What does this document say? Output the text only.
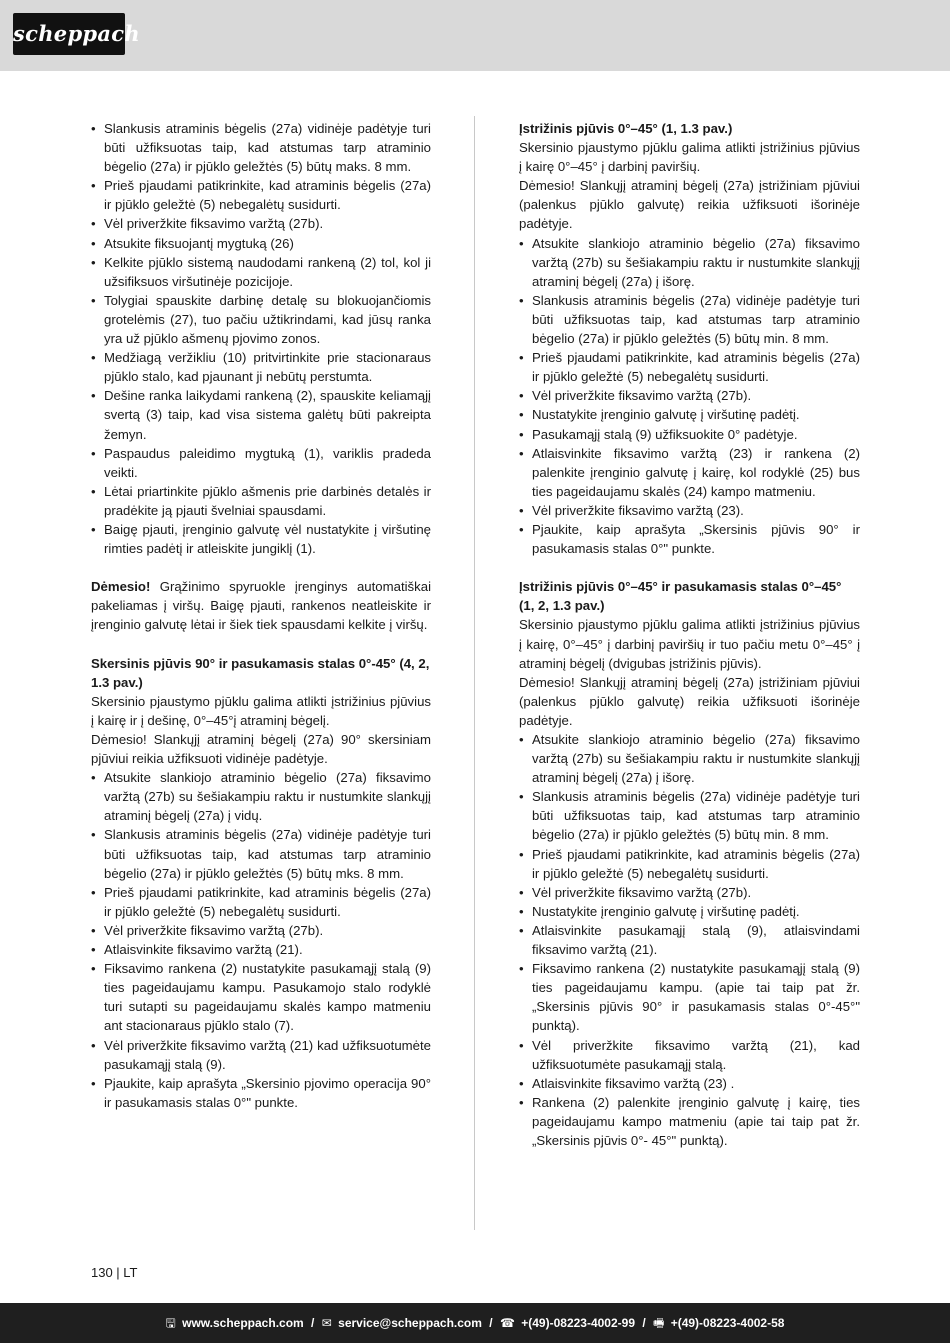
scheppach
• Slankusis atraminis bėgelis (27a) vidinėje padėtyje turi būti užfiksuotas taip, kad atstumas tarp atraminio bėgelio (27a) ir pjūklo geležtės (5) būtų maks. 8 mm.
• Prieš pjaudami patikrinkite, kad atraminis bėgelis (27a) ir pjūklo geležtė (5) nebegalėtų susidurti.
• Vėl priveržkite fiksavimo varžtą (27b).
• Atsukite fiksuojantį mygtuką (26)
• Kelkite pjūklo sistemą naudodami rankeną (2) tol, kol ji užsifiksuos viršutinėje pozicijoje.
• Tolygiai spauskite darbinę detalę su blokuojančiomis grotelėmis (27), tuo pačiu užtikrindami, kad jūsų ranka yra už pjūklo ašmenų pjovimo zonos.
• Medžiagą veržikliu (10) pritvirtinkite prie stacionaraus pjūklo stalo, kad pjaunant ji nebūtų perstumta.
• Dešine ranka laikydami rankeną (2), spauskite keliamąjį svertą (3) taip, kad visa sistema galėtų būti pakreipta žemyn.
• Paspaudus paleidimo mygtuką (1), variklis pradeda veikti.
• Lėtai priartinkite pjūklo ašmenis prie darbinės detalės ir pradėkite ją pjauti švelniai spausdami.
• Baigę pjauti, įrenginio galvutę vėl nustatykite į viršutinę rimties padėtį ir atleiskite jungiklį (1).

Dėmesio! Grąžinimo spyruokle įrenginys automatiškai pakeliamas į viršų. Baigę pjauti, rankenos neatleiskite ir įrenginio galvutę lėtai ir šiek tiek spausdami kelkite į viršų.

Skersinis pjūvis 90° ir pasukamasis stalas 0°-45° (4, 2, 1.3 pav.)

Skersinio pjaustymo pjūklu galima atlikti įstrižinius pjūvius į kairę ir į dešinę, 0°–45°į atraminį bėgelį.

Dėmesio! Slankųjį atraminį bėgelį (27a) 90° skersiniam pjūviui reikia užfiksuoti vidinėje padėtyje.

• Atsukite slankiojo atraminio bėgelio (27a) fiksavimo varžtą (27b) su šešiakampiu raktu ir nustumkite slankųjį atraminį bėgelį (27a) į vidų.
• Slankusis atraminis bėgelis (27a) vidinėje padėtyje turi būti užfiksuotas taip, kad atstumas tarp atraminio bėgelio (27a) ir pjūklo geležtės (5) būtų mks. 8 mm.
• Prieš pjaudami patikrinkite, kad atraminis bėgelis (27a) ir pjūklo geležtė (5) nebegalėtų susidurti.
• Vėl priveržkite fiksavimo varžtą (27b).
• Atlaisvinkite fiksavimo varžtą (21).
• Fiksavimo rankena (2) nustatykite pasukamąjį stalą (9) ties pageidaujamu kampu. Pasukamojo stalo rodyklė turi sutapti su pageidaujamu skalės kampo matmeniu ant stacionaraus pjūklo stalo (7).
• Vėl priveržkite fiksavimo varžtą (21) kad užfiksuotumėte pasukamąjį stalą (9).
• Pjaukite, kaip aprašyta „Skersinio pjovimo operacija 90° ir pasukamasis stalas 0°" punkte.
Įstrižinis pjūvis 0°–45° (1, 1.3 pav.)

Skersinio pjaustymo pjūklu galima atlikti įstrižinius pjūvius į kairę 0°–45° į darbinį paviršių.

Dėmesio! Slankųjį atraminį bėgelį (27a) įstrižiniam pjūviui (palenkus pjūklo galvutę) reikia užfiksuoti išorinėje padėtyje.

• Atsukite slankiojo atraminio bėgelio (27a) fiksavimo varžtą (27b) su šešiakampiu raktu ir nustumkite slankųjį atraminį bėgelį (27a) į išorę.
• Slankusis atraminis bėgelis (27a) vidinėje padėtyje turi būti užfiksuotas taip, kad atstumas tarp atraminio bėgelio (27a) ir pjūklo geležtės (5) būtų min. 8 mm.
• Prieš pjaudami patikrinkite, kad atraminis bėgelis (27a) ir pjūklo geležtė (5) nebegalėtų susidurti.
• Vėl priveržkite fiksavimo varžtą (27b).
• Nustatykite įrenginio galvutę į viršutinę padėtį.
• Pasukamąjį stalą (9) užfiksuokite 0° padėtyje.
• Atlaisvinkite fiksavimo varžtą (23) ir rankena (2) palenkite įrenginio galvutę į kairę, kol rodyklė (25) bus ties pageidaujamu skalės (24) kampo matmeniu.
• Vėl priveržkite fiksavimo varžtą (23).
• Pjaukite, kaip aprašyta „Skersinis pjūvis 90° ir pasukamasis stalas 0°" punkte.
Įstrižinis pjūvis 0°–45° ir pasukamasis stalas 0°–45° (1, 2, 1.3 pav.)

Skersinio pjaustymo pjūklu galima atlikti įstrižinius pjūvius į kairę, 0°–45° į darbinį paviršių ir tuo pačiu metu 0°–45° į atraminį bėgelį (dvigubas įstrižinis pjūvis).

Dėmesio! Slankųjį atraminį bėgelį (27a) įstrižiniam pjūviui (palenkus pjūklo galvutę) reikia užfiksuoti išorinėje padėtyje.

• Atsukite slankiojo atraminio bėgelio (27a) fiksavimo varžtą (27b) su šešiakampiu raktu ir nustumkite slankųjį atraminį bėgelį (27a) į išorę.
• Slankusis atraminis bėgelis (27a) vidinėje padėtyje turi būti užfiksuotas taip, kad atstumas tarp atraminio bėgelio (27a) ir pjūklo geležtės (5) būtų min. 8 mm.
• Prieš pjaudami patikrinkite, kad atraminis bėgelis (27a) ir pjūklo geležtė (5) nebegalėtų susidurti.
• Vėl priveržkite fiksavimo varžtą (27b).
• Nustatykite įrenginio galvutę į viršutinę padėtį.
• Atlaisvinkite pasukamąjį stalą (9), atlaisvindami fiksavimo varžtą (21).
• Fiksavimo rankena (2) nustatykite pasukamąjį stalą (9) ties pageidaujamu kampu. (apie tai taip pat žr. „Skersinis pjūvis 90° ir pasukamasis stalas 0°-45°" punktą).
• Vėl priveržkite fiksavimo varžtą (21), kad užfiksuotumėte pasukamąjį stalą.
• Atlaisvinkite fiksavimo varžtą (23) .
• Rankena (2) palenkite įrenginio galvutę į kairę, ties pageidaujamu kampo matmeniu (apie tai taip pat žr. „Skersinis pjūvis 0°- 45°" punktą).
130 | LT
🖫 www.scheppach.com / ✉ service@scheppach.com / ☎ +(49)-08223-4002-99 / 🖷 +(49)-08223-4002-58
